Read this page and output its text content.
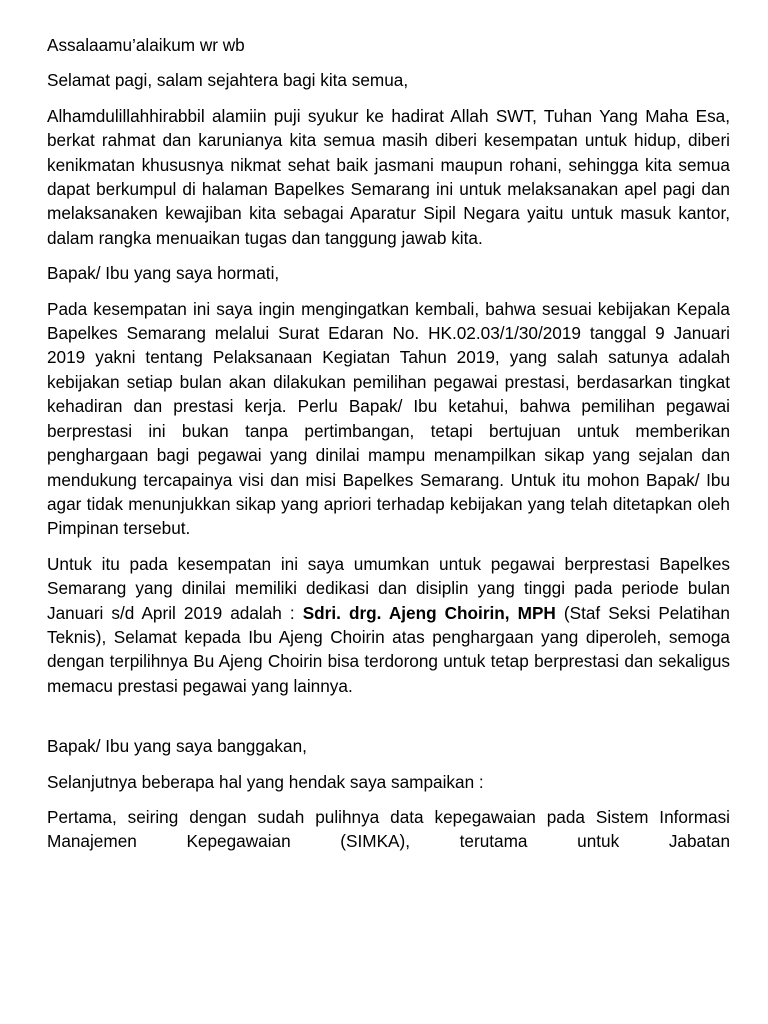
Assalaamu’alaikum wr wb

Selamat pagi, salam sejahtera bagi kita semua,

Alhamdulillahhirabbil alamiin puji syukur ke hadirat Allah SWT, Tuhan Yang Maha Esa, berkat rahmat dan karunianya kita semua masih diberi kesempatan untuk hidup, diberi kenikmatan khususnya nikmat sehat baik jasmani maupun rohani, sehingga kita semua dapat berkumpul di halaman Bapelkes Semarang ini untuk melaksanakan apel pagi dan melaksanaken kewajiban kita sebagai Aparatur Sipil Negara yaitu untuk masuk kantor, dalam rangka menuaikan tugas dan tanggung jawab kita.

Bapak/ Ibu yang saya hormati,

Pada kesempatan ini saya ingin mengingatkan kembali, bahwa sesuai kebijakan Kepala Bapelkes Semarang melalui Surat Edaran No. HK.02.03/1/30/2019 tanggal 9 Januari 2019 yakni tentang Pelaksanaan Kegiatan Tahun 2019, yang salah satunya adalah kebijakan setiap bulan akan dilakukan pemilihan pegawai prestasi, berdasarkan tingkat kehadiran dan prestasi kerja. Perlu Bapak/ Ibu ketahui, bahwa pemilihan pegawai berprestasi ini bukan tanpa pertimbangan, tetapi bertujuan untuk memberikan penghargaan bagi pegawai yang dinilai mampu menampilkan sikap yang sejalan dan mendukung tercapainya visi dan misi Bapelkes Semarang. Untuk itu mohon Bapak/ Ibu agar tidak menunjukkan sikap yang apriori terhadap kebijakan yang telah ditetapkan oleh Pimpinan tersebut.

Untuk itu pada kesempatan ini saya umumkan untuk pegawai berprestasi Bapelkes Semarang yang dinilai memiliki dedikasi dan disiplin yang tinggi pada periode bulan Januari s/d April 2019 adalah : Sdri. drg. Ajeng Choirin, MPH (Staf Seksi Pelatihan Teknis), Selamat kepada Ibu Ajeng Choirin atas penghargaan yang diperoleh, semoga dengan terpilihnya Bu Ajeng Choirin bisa terdorong untuk tetap berprestasi dan sekaligus memacu prestasi pegawai yang lainnya.

Bapak/ Ibu yang saya banggakan,

Selanjutnya beberapa hal yang hendak saya sampaikan :

Pertama, seiring dengan sudah pulihnya data kepegawaian pada Sistem Informasi Manajemen Kepegawaian (SIMKA), terutama untuk Jabatan
